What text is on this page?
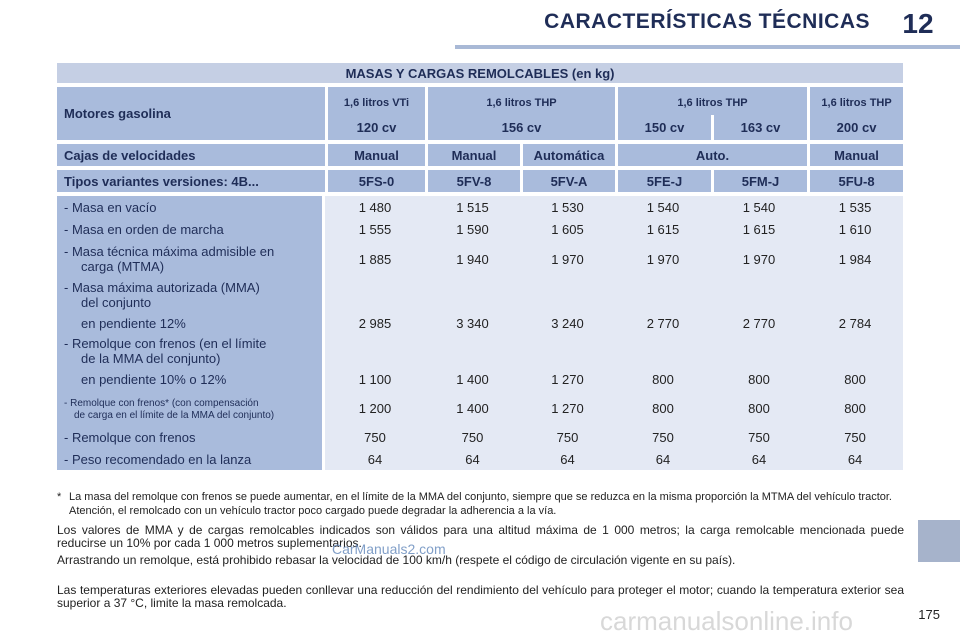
CARACTERÍSTICAS TÉCNICAS	12
MASAS Y CARGAS REMOLCABLES (en kg)						

Motores gasolina	1,6 litros VTi	1,6 litros THP		1,6 litros THP		1,6 litros THP
	120 cv	156 cv		150 cv	163 cv	200 cv

Cajas de velocidades	Manual	Manual	Automática	Auto.		Manual

Tipos variantes versiones: 4B...	5FS-0	5FV-8	5FV-A	5FE-J	5FM-J	5FU-8

- Masa en vacío	1 480	1 515	1 530	1 540	1 540	1 535

- Masa en orden de marcha	1 555	1 590	1 605	1 615	1 615	1 610

- Masa técnica máxima admisible en
carga (MTMA)	1 885	1 940	1 970	1 970	1 970	1 984

- Masa máxima autorizada (MMA)
del conjunto						

en pendiente 12%	2 985	3 340	3 240	2 770	2 770	2 784

- Remolque con frenos (en el límite
de la MMA del conjunto)						

en pendiente 10% o 12%	1 100	1 400	1 270	800	800	800
- Remolque con frenos* (con compensación
de carga en el límite de la MMA del conjunto)	1 200	1 400	1 270	800	800	800

- Remolque con frenos	750	750	750	750	750	750

- Peso recomendado en la lanza	64	64	64	64	64	64
* La masa del remolque con frenos se puede aumentar, en el límite de la MMA del conjunto, siempre que se reduzca en la misma proporción la MTMA del vehículo tractor. Atención, el remolcado con un vehículo tractor poco cargado puede degradar la adherencia a la vía.
Los valores de MMA y de cargas remolcables indicados son válidos para una altitud máxima de 1 000 metros; la carga remolcable mencionada puede reducirse un 10% por cada 1 000 metros suplementarios.
Arrastrando un remolque, está prohibido rebasar la velocidad de 100 km/h (respete el código de circulación vigente en su país).
Las temperaturas exteriores elevadas pueden conllevar una reducción del rendimiento del vehículo para proteger el motor; cuando la temperatura exterior sea superior a 37 °C, limite la masa remolcada.
175
CarManuals2.com
carmanualsonline.info
